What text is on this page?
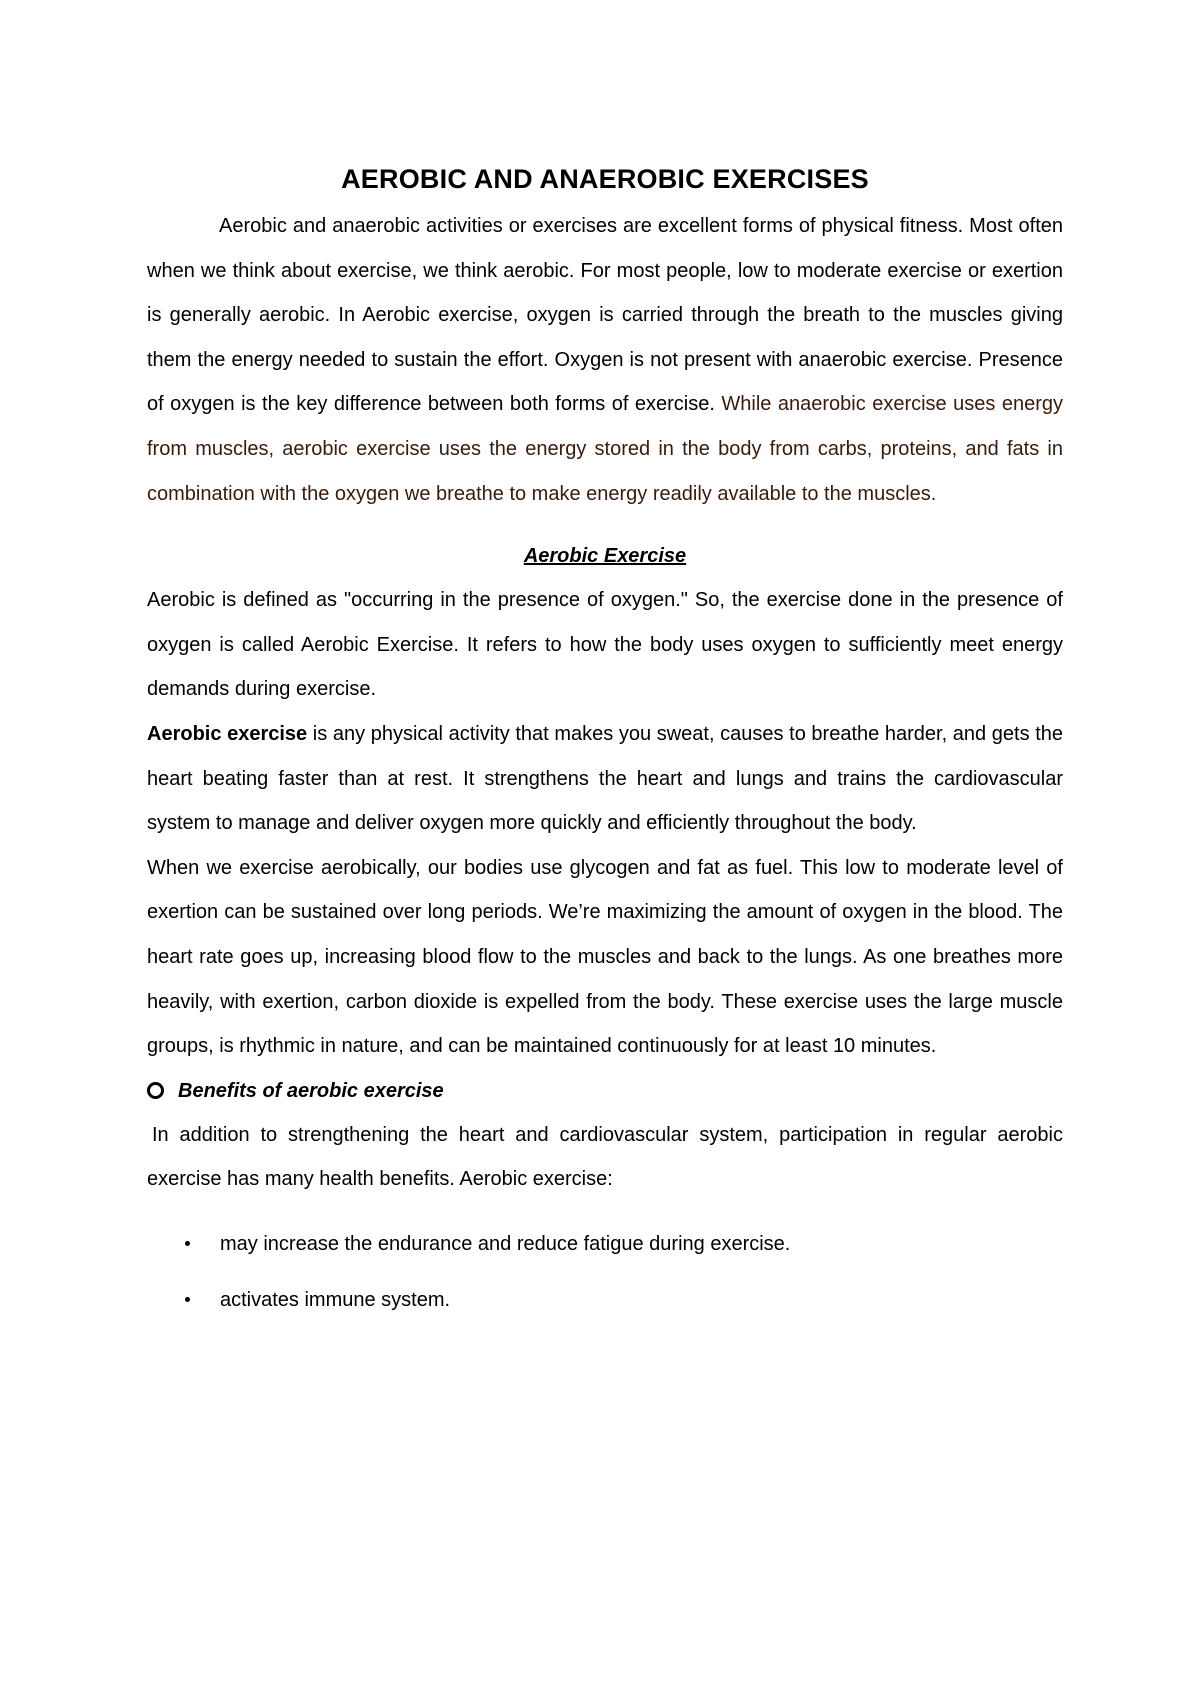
AEROBIC AND ANAEROBIC EXERCISES

Aerobic and anaerobic activities or exercises are excellent forms of physical fitness. Most often when we think about exercise, we think aerobic. For most people, low to moderate exercise or exertion is generally aerobic. In Aerobic exercise, oxygen is carried through the breath to the muscles giving them the energy needed to sustain the effort. Oxygen is not present with anaerobic exercise. Presence of oxygen is the key difference between both forms of exercise. While anaerobic exercise uses energy from muscles, aerobic exercise uses the energy stored in the body from carbs, proteins, and fats in combination with the oxygen we breathe to make energy readily available to the muscles.

Aerobic Exercise

Aerobic is defined as "occurring in the presence of oxygen." So, the exercise done in the presence of oxygen is called Aerobic Exercise. It refers to how the body uses oxygen to sufficiently meet energy demands during exercise.

Aerobic exercise is any physical activity that makes you sweat, causes to breathe harder, and gets the heart beating faster than at rest. It strengthens the heart and lungs and trains the cardiovascular system to manage and deliver oxygen more quickly and efficiently throughout the body.

When we exercise aerobically, our bodies use glycogen and fat as fuel. This low to moderate level of exertion can be sustained over long periods. We’re maximizing the amount of oxygen in the blood. The heart rate goes up, increasing blood flow to the muscles and back to the lungs. As one breathes more heavily, with exertion, carbon dioxide is expelled from the body. These exercise uses the large muscle groups, is rhythmic in nature, and can be maintained continuously for at least 10 minutes.

Benefits of aerobic exercise

In addition to strengthening the heart and cardiovascular system, participation in regular aerobic exercise has many health benefits. Aerobic exercise:

may increase the endurance and reduce fatigue during exercise.
activates immune system.
